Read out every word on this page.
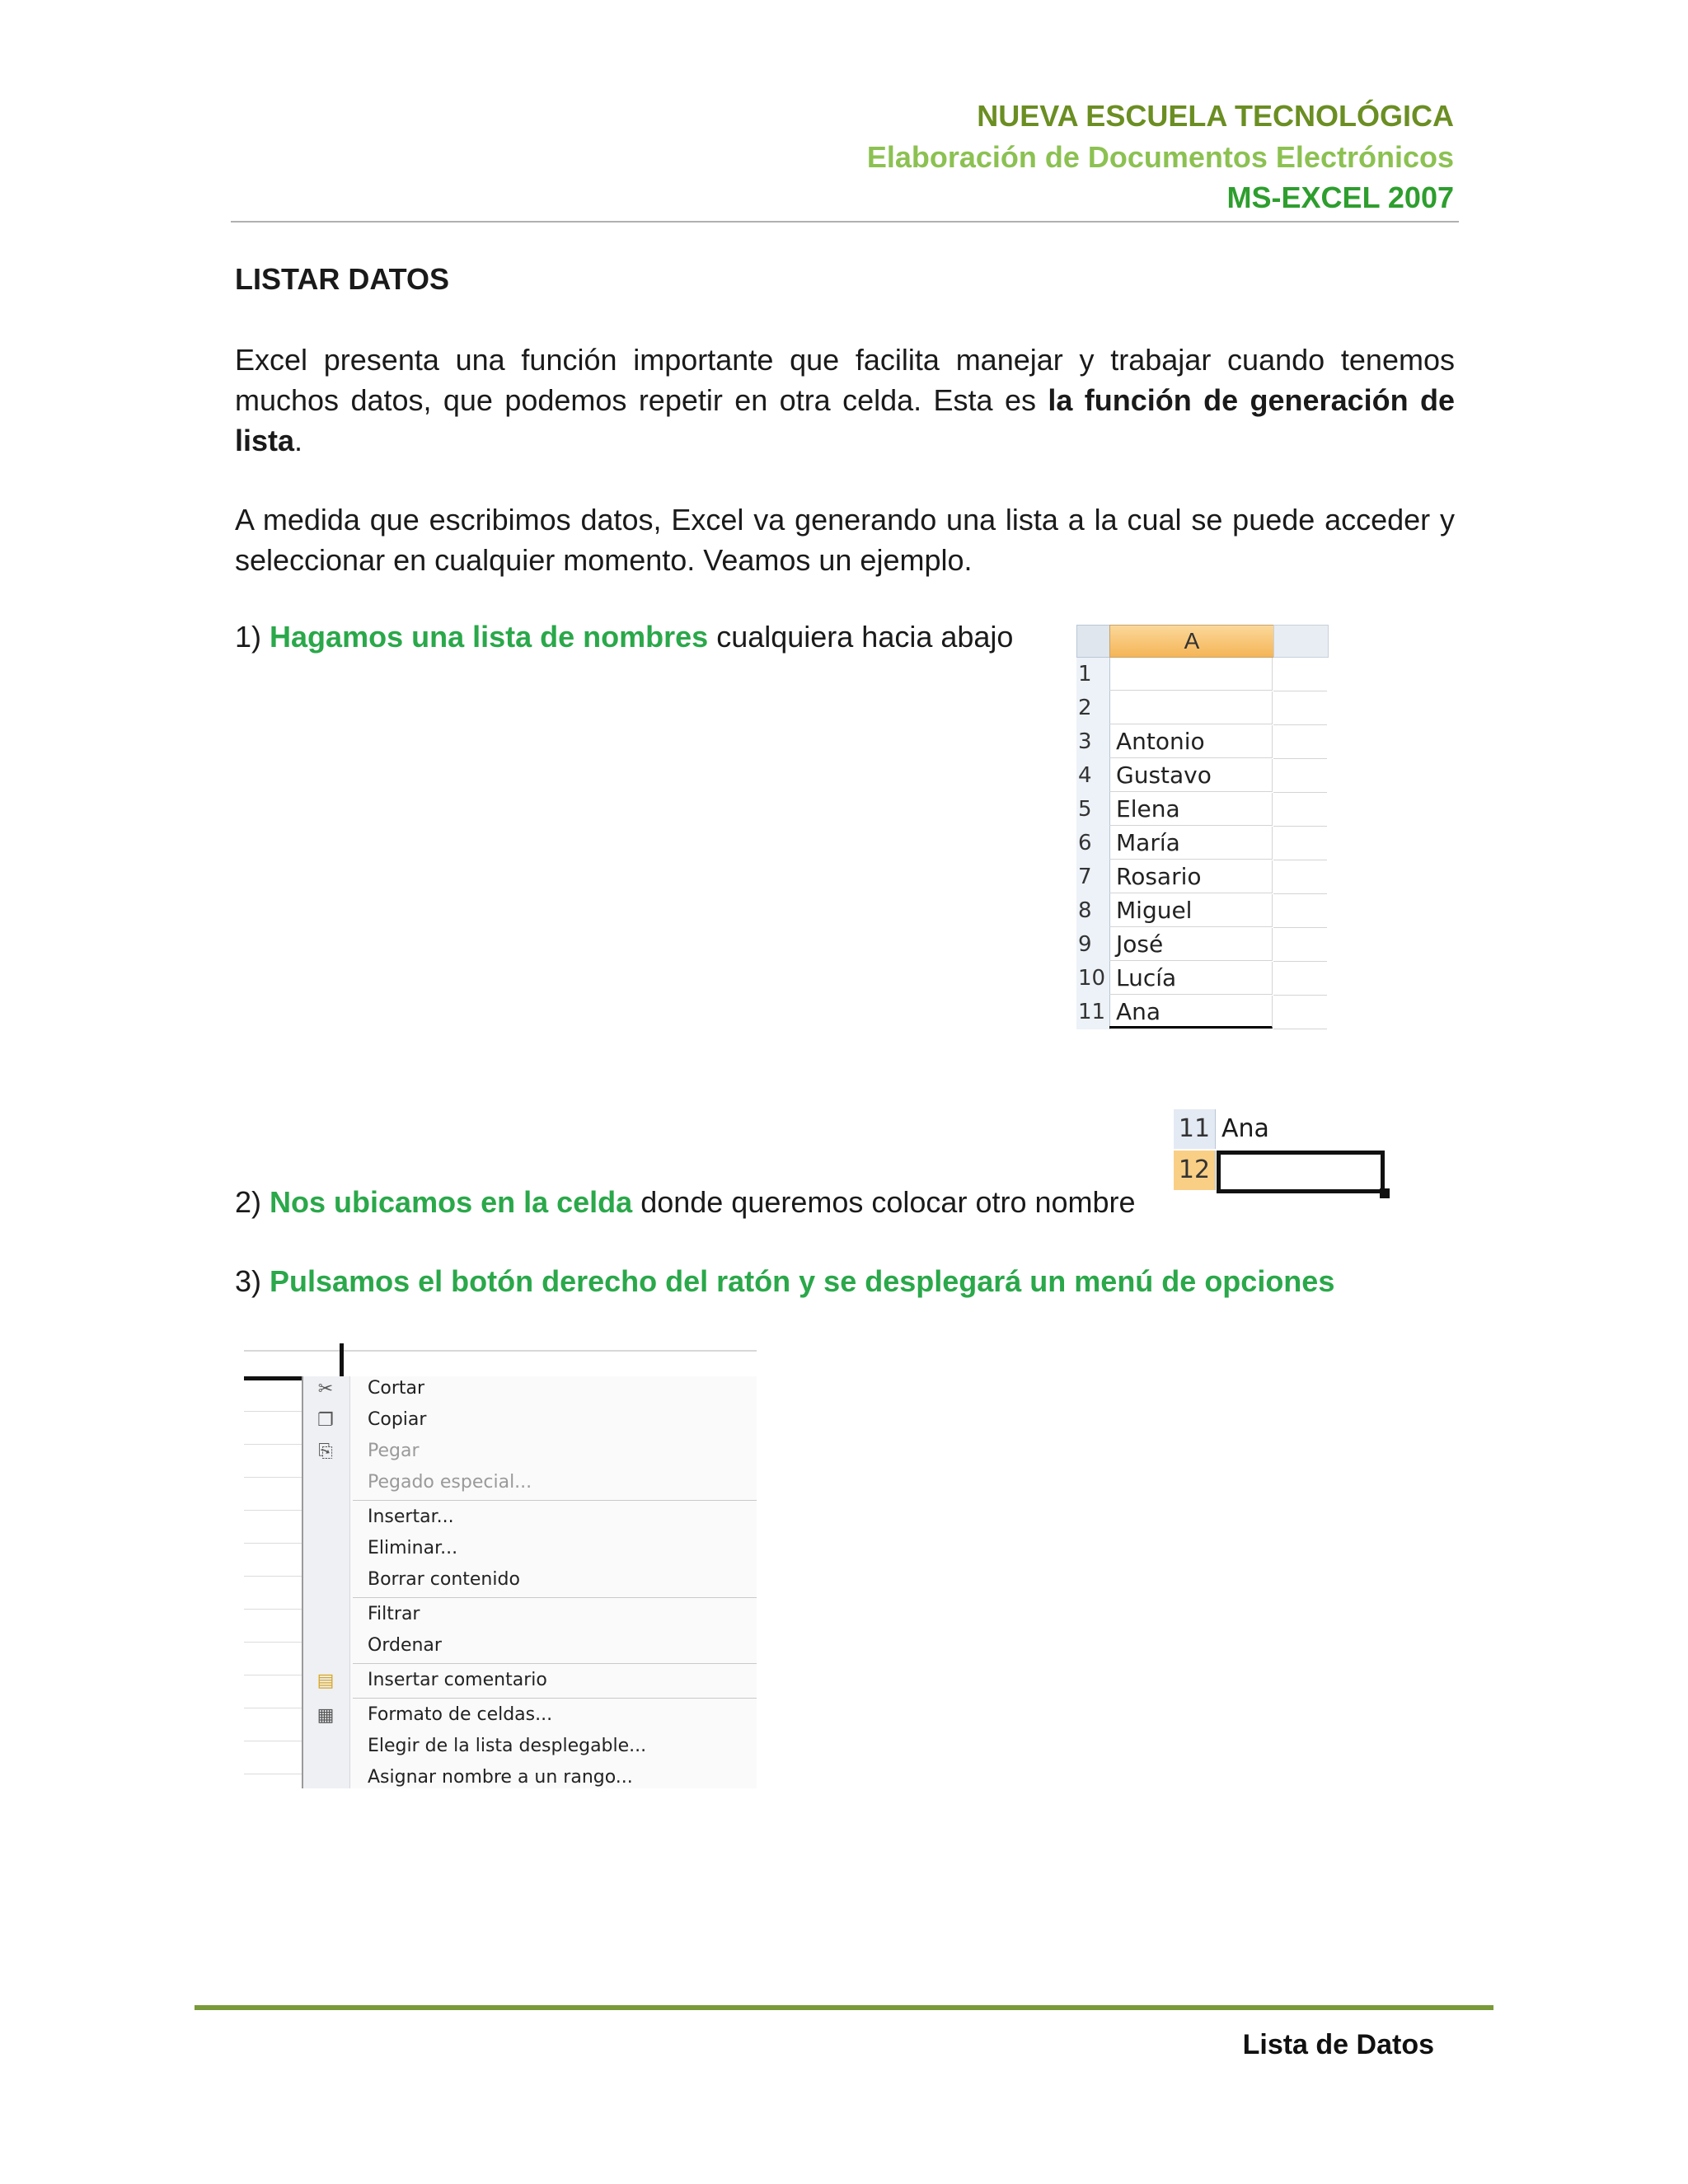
NUEVA ESCUELA TECNOLÓGICA
Elaboración de Documentos Electrónicos
MS-EXCEL 2007
LISTAR DATOS
Excel presenta una función importante que facilita manejar y trabajar cuando tenemos muchos datos, que podemos repetir en otra celda. Esta es la función de generación de lista.
A medida que escribimos datos, Excel va generando una lista a la cual se puede acceder y seleccionar en cualquier momento. Veamos un ejemplo.
1) Hagamos una lista de nombres cualquiera hacia abajo	A
1
2
3	Antonio
4	Gustavo
5	Elena
6	María
7	Rosario
8	Miguel
9	José
10 Lucía
11 Ana
11 Ana
12
2) Nos ubicamos en la celda donde queremos colocar otro nombre
3) Pulsamos el botón derecho del ratón y se desplegará un menú de opciones
✂ Cortar
❐ Copiar
⎘ Pegar
Pegado especial...
Insertar...
Eliminar...
Borrar contenido
Filtrar
Ordenar
▤ Insertar comentario
▦ Formato de celdas...
Elegir de la lista desplegable...
Asignar nombre a un rango...
Lista de Datos
